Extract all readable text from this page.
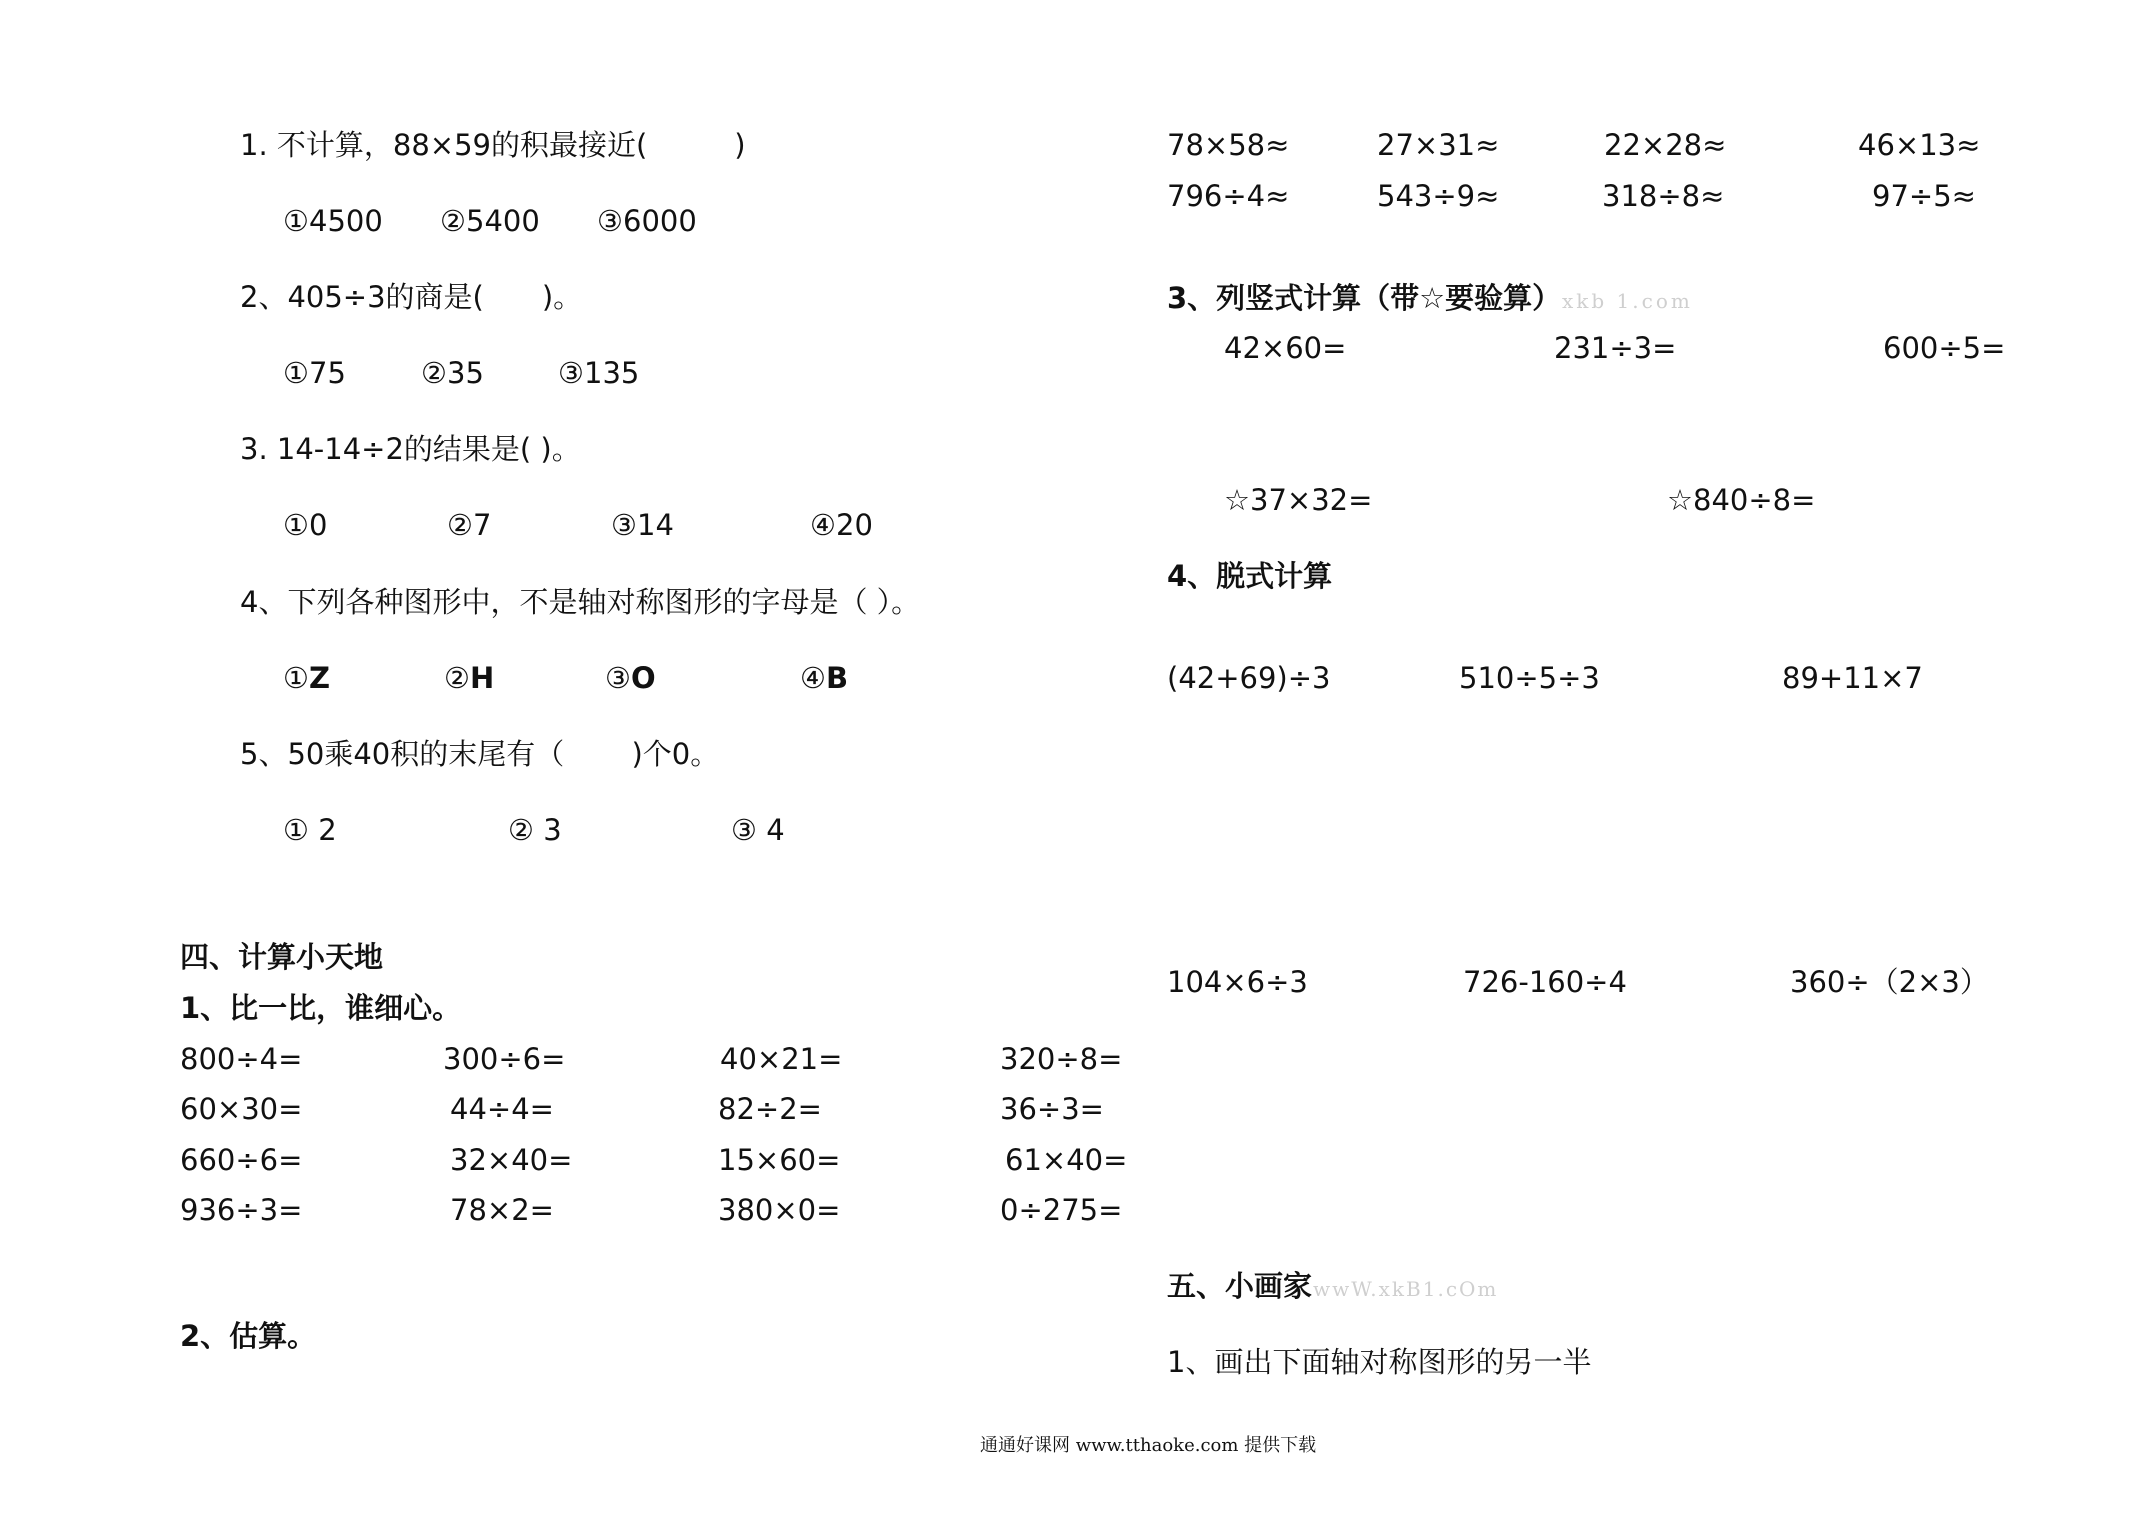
1. 不计算，88×59的积最接近(　　　)
①4500 ②5400 ③6000
2、405÷3的商是(　　)。
①75	②35	③135
3. 14-14÷2的结果是( )。
①0	②7	③14	④20
4、下列各种图形中，不是轴对称图形的字母是（ ）。
①Z	②H	③O	④B
5、50乘40积的末尾有（　　 )个0。
① 2	② 3	③ 4
四、计算小天地
1、比一比，谁细心。
800÷4=	300÷6=	40×21=	320÷8=
60×30=	44÷4=	82÷2=	36÷3=
660÷6=	32×40=	15×60=	61×40=
936÷3=	78×2=	380×0=	0÷275=
2、估算。
78×58≈	27×31≈	22×28≈	46×13≈
796÷4≈	543÷9≈	318÷8≈	97÷5≈
3、列竖式计算（带☆要验算） xkb 1.com
42×60=	231÷3=	600÷5=
☆37×32=	☆840÷8=
4、脱式计算
(42+69)÷3	510÷5÷3	89+11×7
104×6÷3	726-160÷4	360÷（2×3）
五、小画家 wwW.xkB1.cOm
1、画出下面轴对称图形的另一半
通通好课网 www.tthaoke.com 提供下载
